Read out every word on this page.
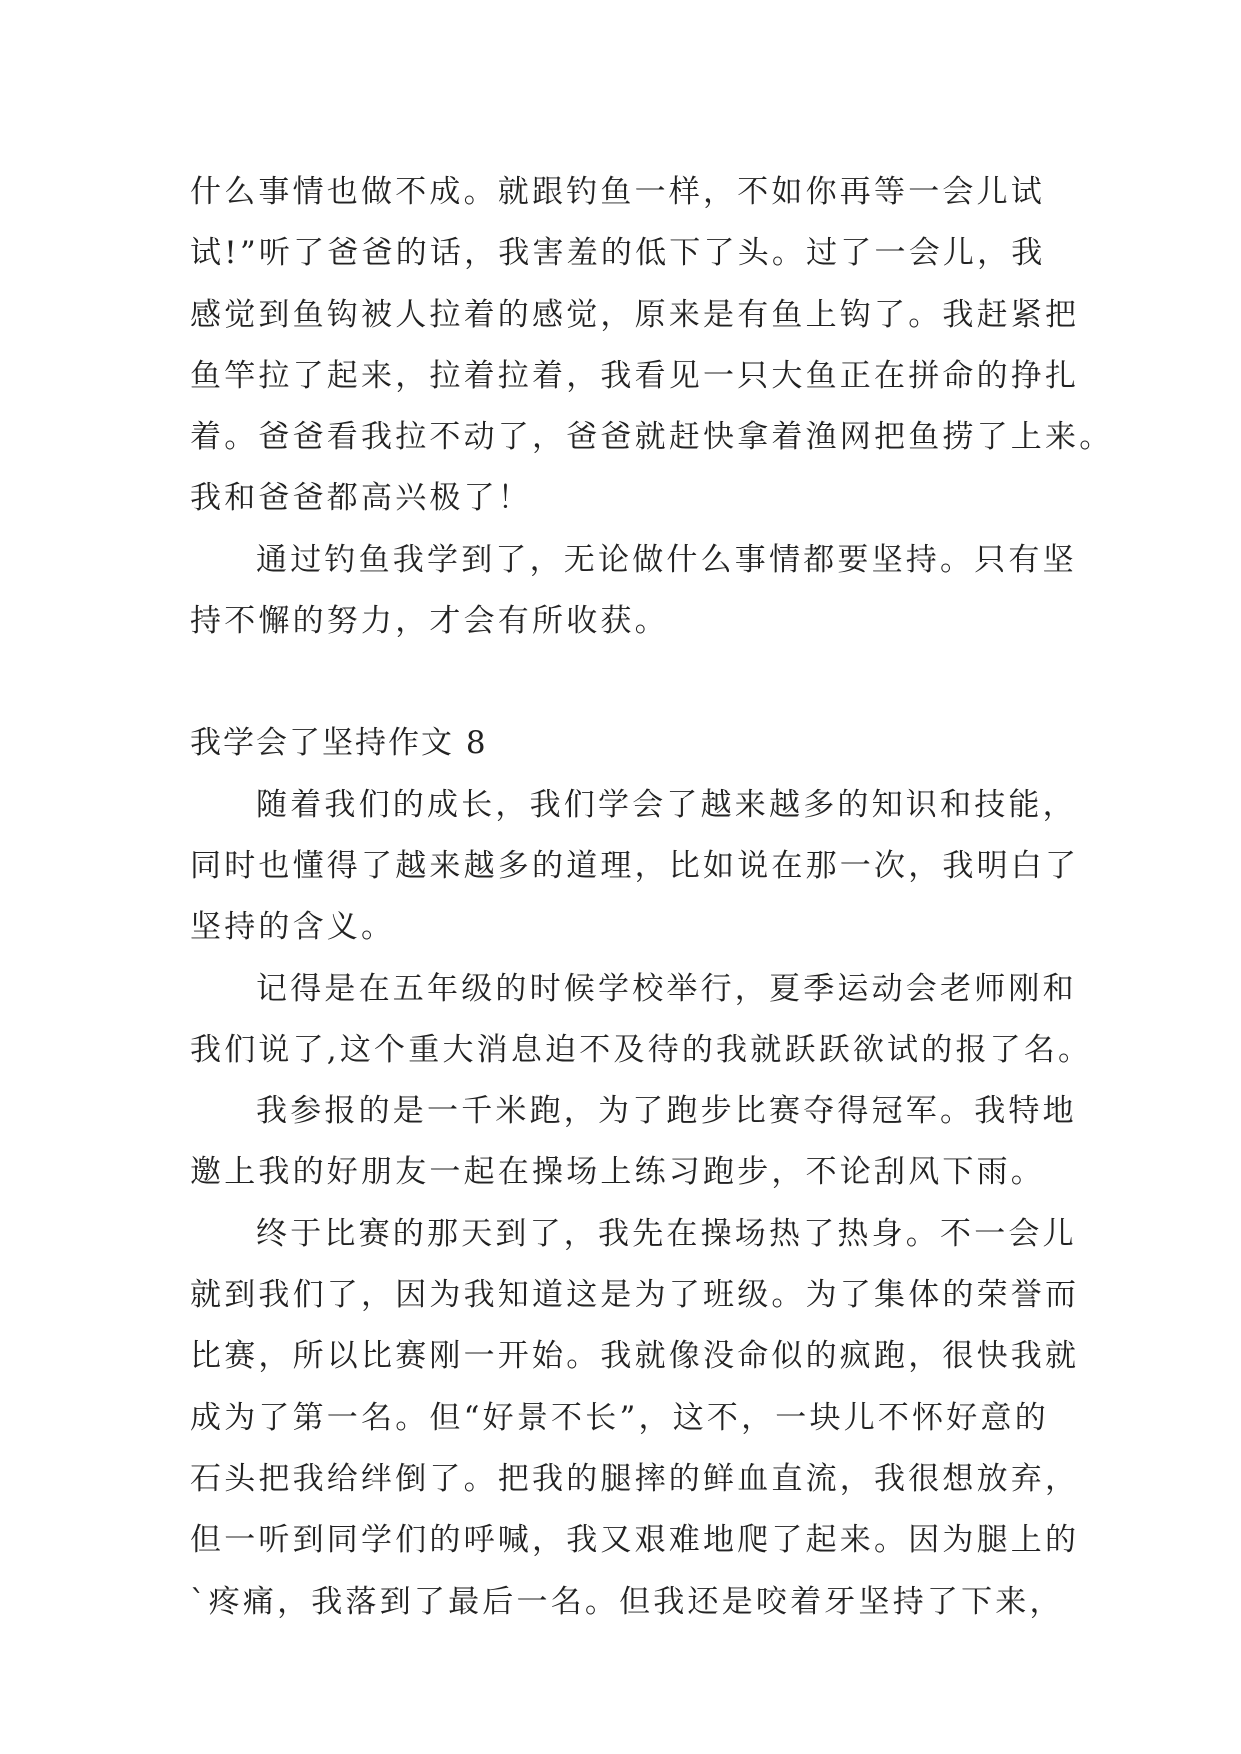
什么事情也做不成。就跟钓鱼一样，不如你再等一会儿试
试!”听了爸爸的话，我害羞的低下了头。过了一会儿，我
感觉到鱼钩被人拉着的感觉，原来是有鱼上钩了。我赶紧把
鱼竿拉了起来，拉着拉着，我看见一只大鱼正在拼命的挣扎
着。爸爸看我拉不动了，爸爸就赶快拿着渔网把鱼捞了上来。
我和爸爸都高兴极了！
通过钓鱼我学到了，无论做什么事情都要坚持。只有坚
持不懈的努力，才会有所收获。
我学会了坚持作文 8
随着我们的成长，我们学会了越来越多的知识和技能，
同时也懂得了越来越多的道理，比如说在那一次，我明白了
坚持的含义。
记得是在五年级的时候学校举行，夏季运动会老师刚和
我们说了,这个重大消息迫不及待的我就跃跃欲试的报了名。
我参报的是一千米跑，为了跑步比赛夺得冠军。我特地
邀上我的好朋友一起在操场上练习跑步，不论刮风下雨。
终于比赛的那天到了，我先在操场热了热身。不一会儿
就到我们了，因为我知道这是为了班级。为了集体的荣誉而
比赛，所以比赛刚一开始。我就像没命似的疯跑，很快我就
成为了第一名。但“好景不长”，这不，一块儿不怀好意的
石头把我给绊倒了。把我的腿摔的鲜血直流，我很想放弃，
但一听到同学们的呼喊，我又艰难地爬了起来。因为腿上的
`疼痛，我落到了最后一名。但我还是咬着牙坚持了下来，
